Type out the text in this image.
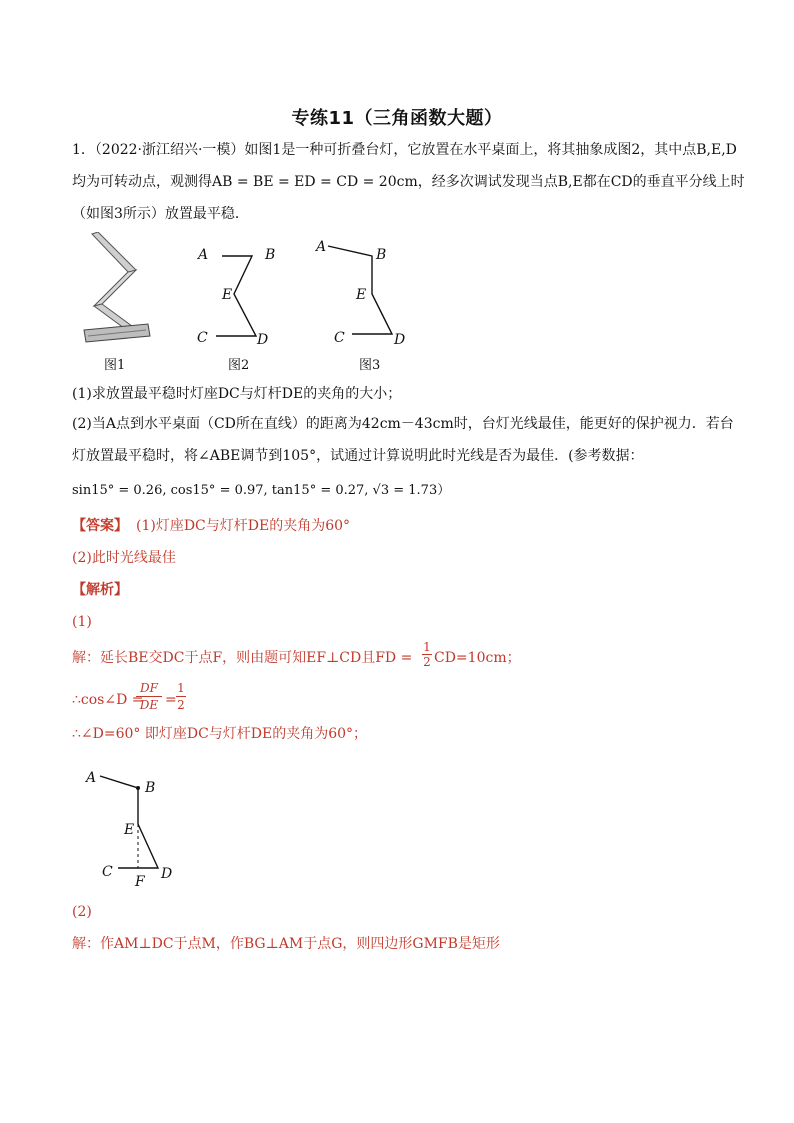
专练11（三角函数大题）
1．（2022·浙江绍兴·一模）如图1是一种可折叠台灯，它放置在水平桌面上，将其抽象成图2，其中点B,E,D
均为可转动点，观测得AB = BE = ED = CD = 20cm，经多次调试发现当点B,E都在CD的垂直平分线上时
（如图3所示）放置最平稳．
图1
A	B
E
C	D
图2
A	B
E
C	D
图3
(1)求放置最平稳时灯座DC与灯杆DE的夹角的大小；
(2)当A点到水平桌面（CD所在直线）的距离为42cm－43cm时，台灯光线最佳，能更好的保护视力．若台
灯放置最平稳时，将∠ABE调节到105°，试通过计算说明此时光线是否为最佳．(参考数据：
sin15° = 0.26, cos15° = 0.97, tan15° = 0.27, √3 = 1.73）
【答案】 (1)灯座DC与灯杆DE的夹角为60°
(2)此时光线最佳
【解析】
(1)
解：延长BE交DC于点F，则由题可知EF⊥CD且FD = $\frac{1}{2} CD=10cm$；
∴cos∠D =
$\frac{DF}{DE} = \frac{1}{2}$
∴∠D=60° 即灯座DC与灯杆DE的夹角为60°；
A
B
E
C	D
F
(2)
解：作AM⊥DC于点M，作BG⊥AM于点G，则四边形GMFB是矩形
